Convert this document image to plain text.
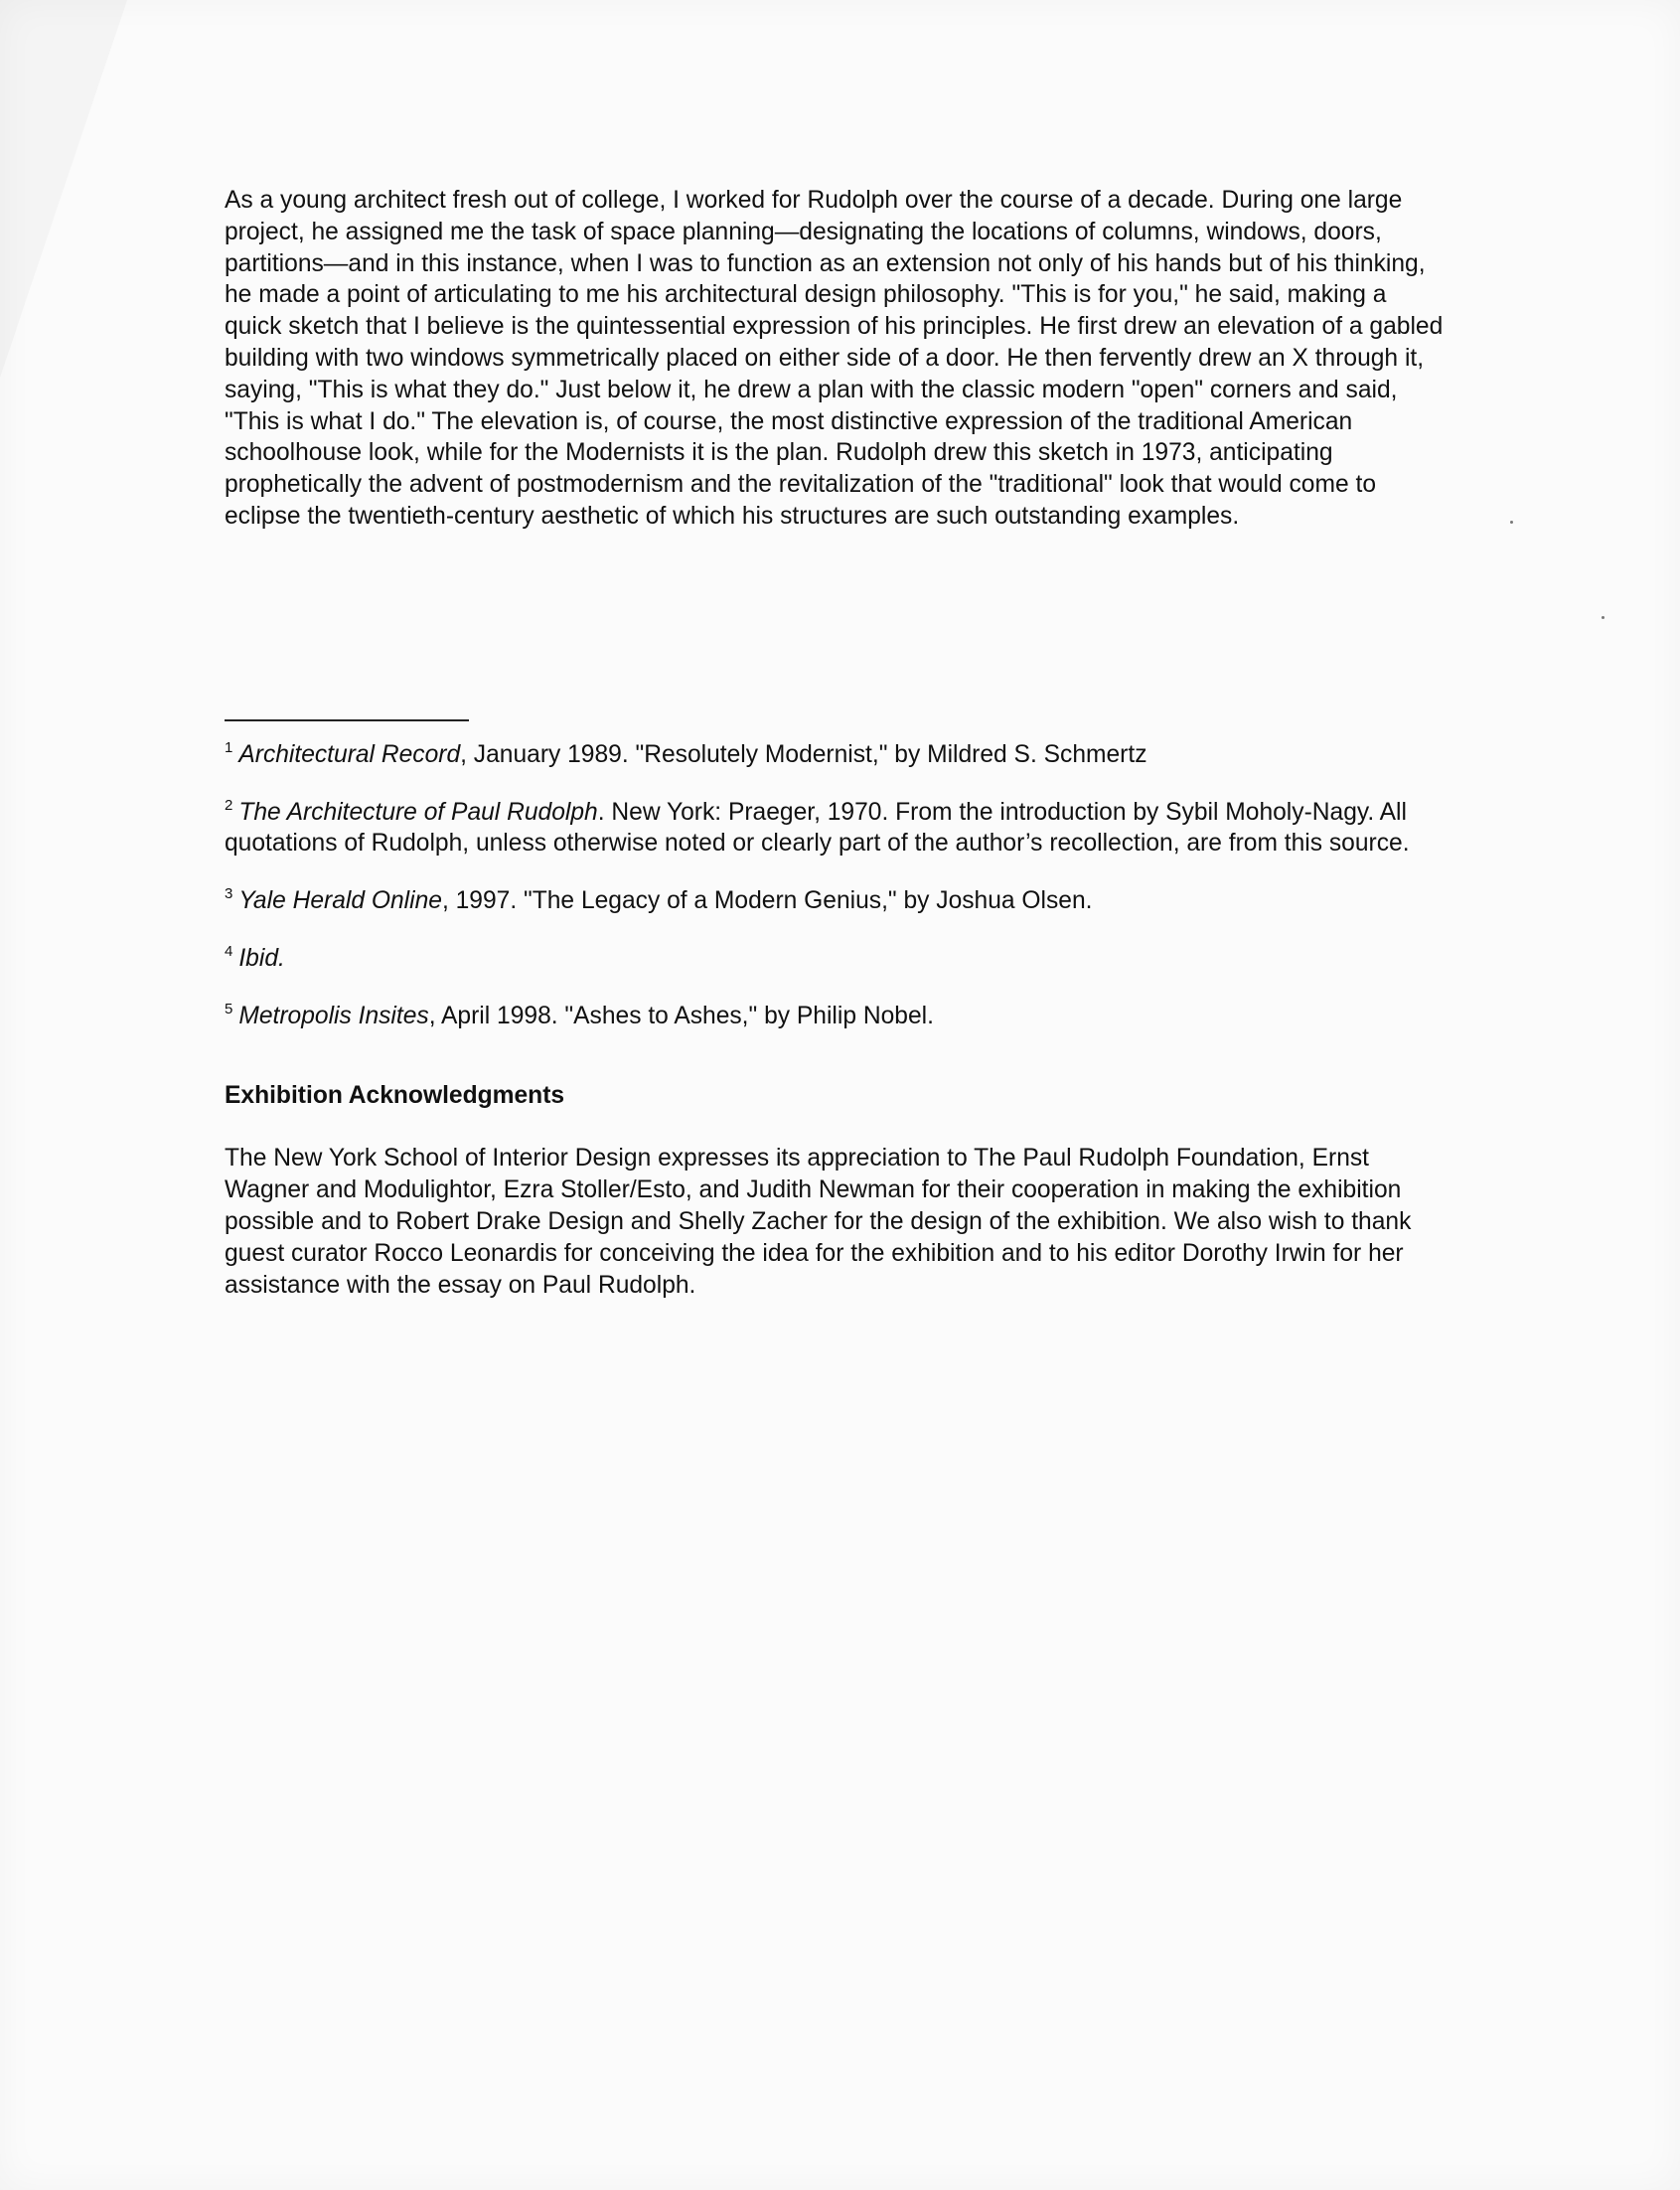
As a young architect fresh out of college, I worked for Rudolph over the course of a decade. During one large project, he assigned me the task of space planning—designating the locations of columns, windows, doors, partitions—and in this instance, when I was to function as an extension not only of his hands but of his thinking, he made a point of articulating to me his architectural design philosophy. "This is for you," he said, making a quick sketch that I believe is the quintessential expression of his principles. He first drew an elevation of a gabled building with two windows symmetrically placed on either side of a door. He then fervently drew an X through it, saying, "This is what they do." Just below it, he drew a plan with the classic modern "open" corners and said, "This is what I do." The elevation is, of course, the most distinctive expression of the traditional American schoolhouse look, while for the Modernists it is the plan. Rudolph drew this sketch in 1973, anticipating prophetically the advent of postmodernism and the revitalization of the "traditional" look that would come to eclipse the twentieth-century aesthetic of which his structures are such outstanding examples.

$^1$ Architectural Record, January 1989. "Resolutely Modernist," by Mildred S. Schmertz

$^2$ The Architecture of Paul Rudolph. New York: Praeger, 1970. From the introduction by Sybil Moholy-Nagy. All quotations of Rudolph, unless otherwise noted or clearly part of the author’s recollection, are from this source.

$^3$ Yale Herald Online, 1997. "The Legacy of a Modern Genius," by Joshua Olsen.

$^4$ Ibid.

$^5$ Metropolis Insites, April 1998. "Ashes to Ashes," by Philip Nobel.

Exhibition Acknowledgments

The New York School of Interior Design expresses its appreciation to The Paul Rudolph Foundation, Ernst Wagner and Modulightor, Ezra Stoller/Esto, and Judith Newman for their cooperation in making the exhibition possible and to Robert Drake Design and Shelly Zacher for the design of the exhibition. We also wish to thank guest curator Rocco Leonardis for conceiving the idea for the exhibition and to his editor Dorothy Irwin for her assistance with the essay on Paul Rudolph.
